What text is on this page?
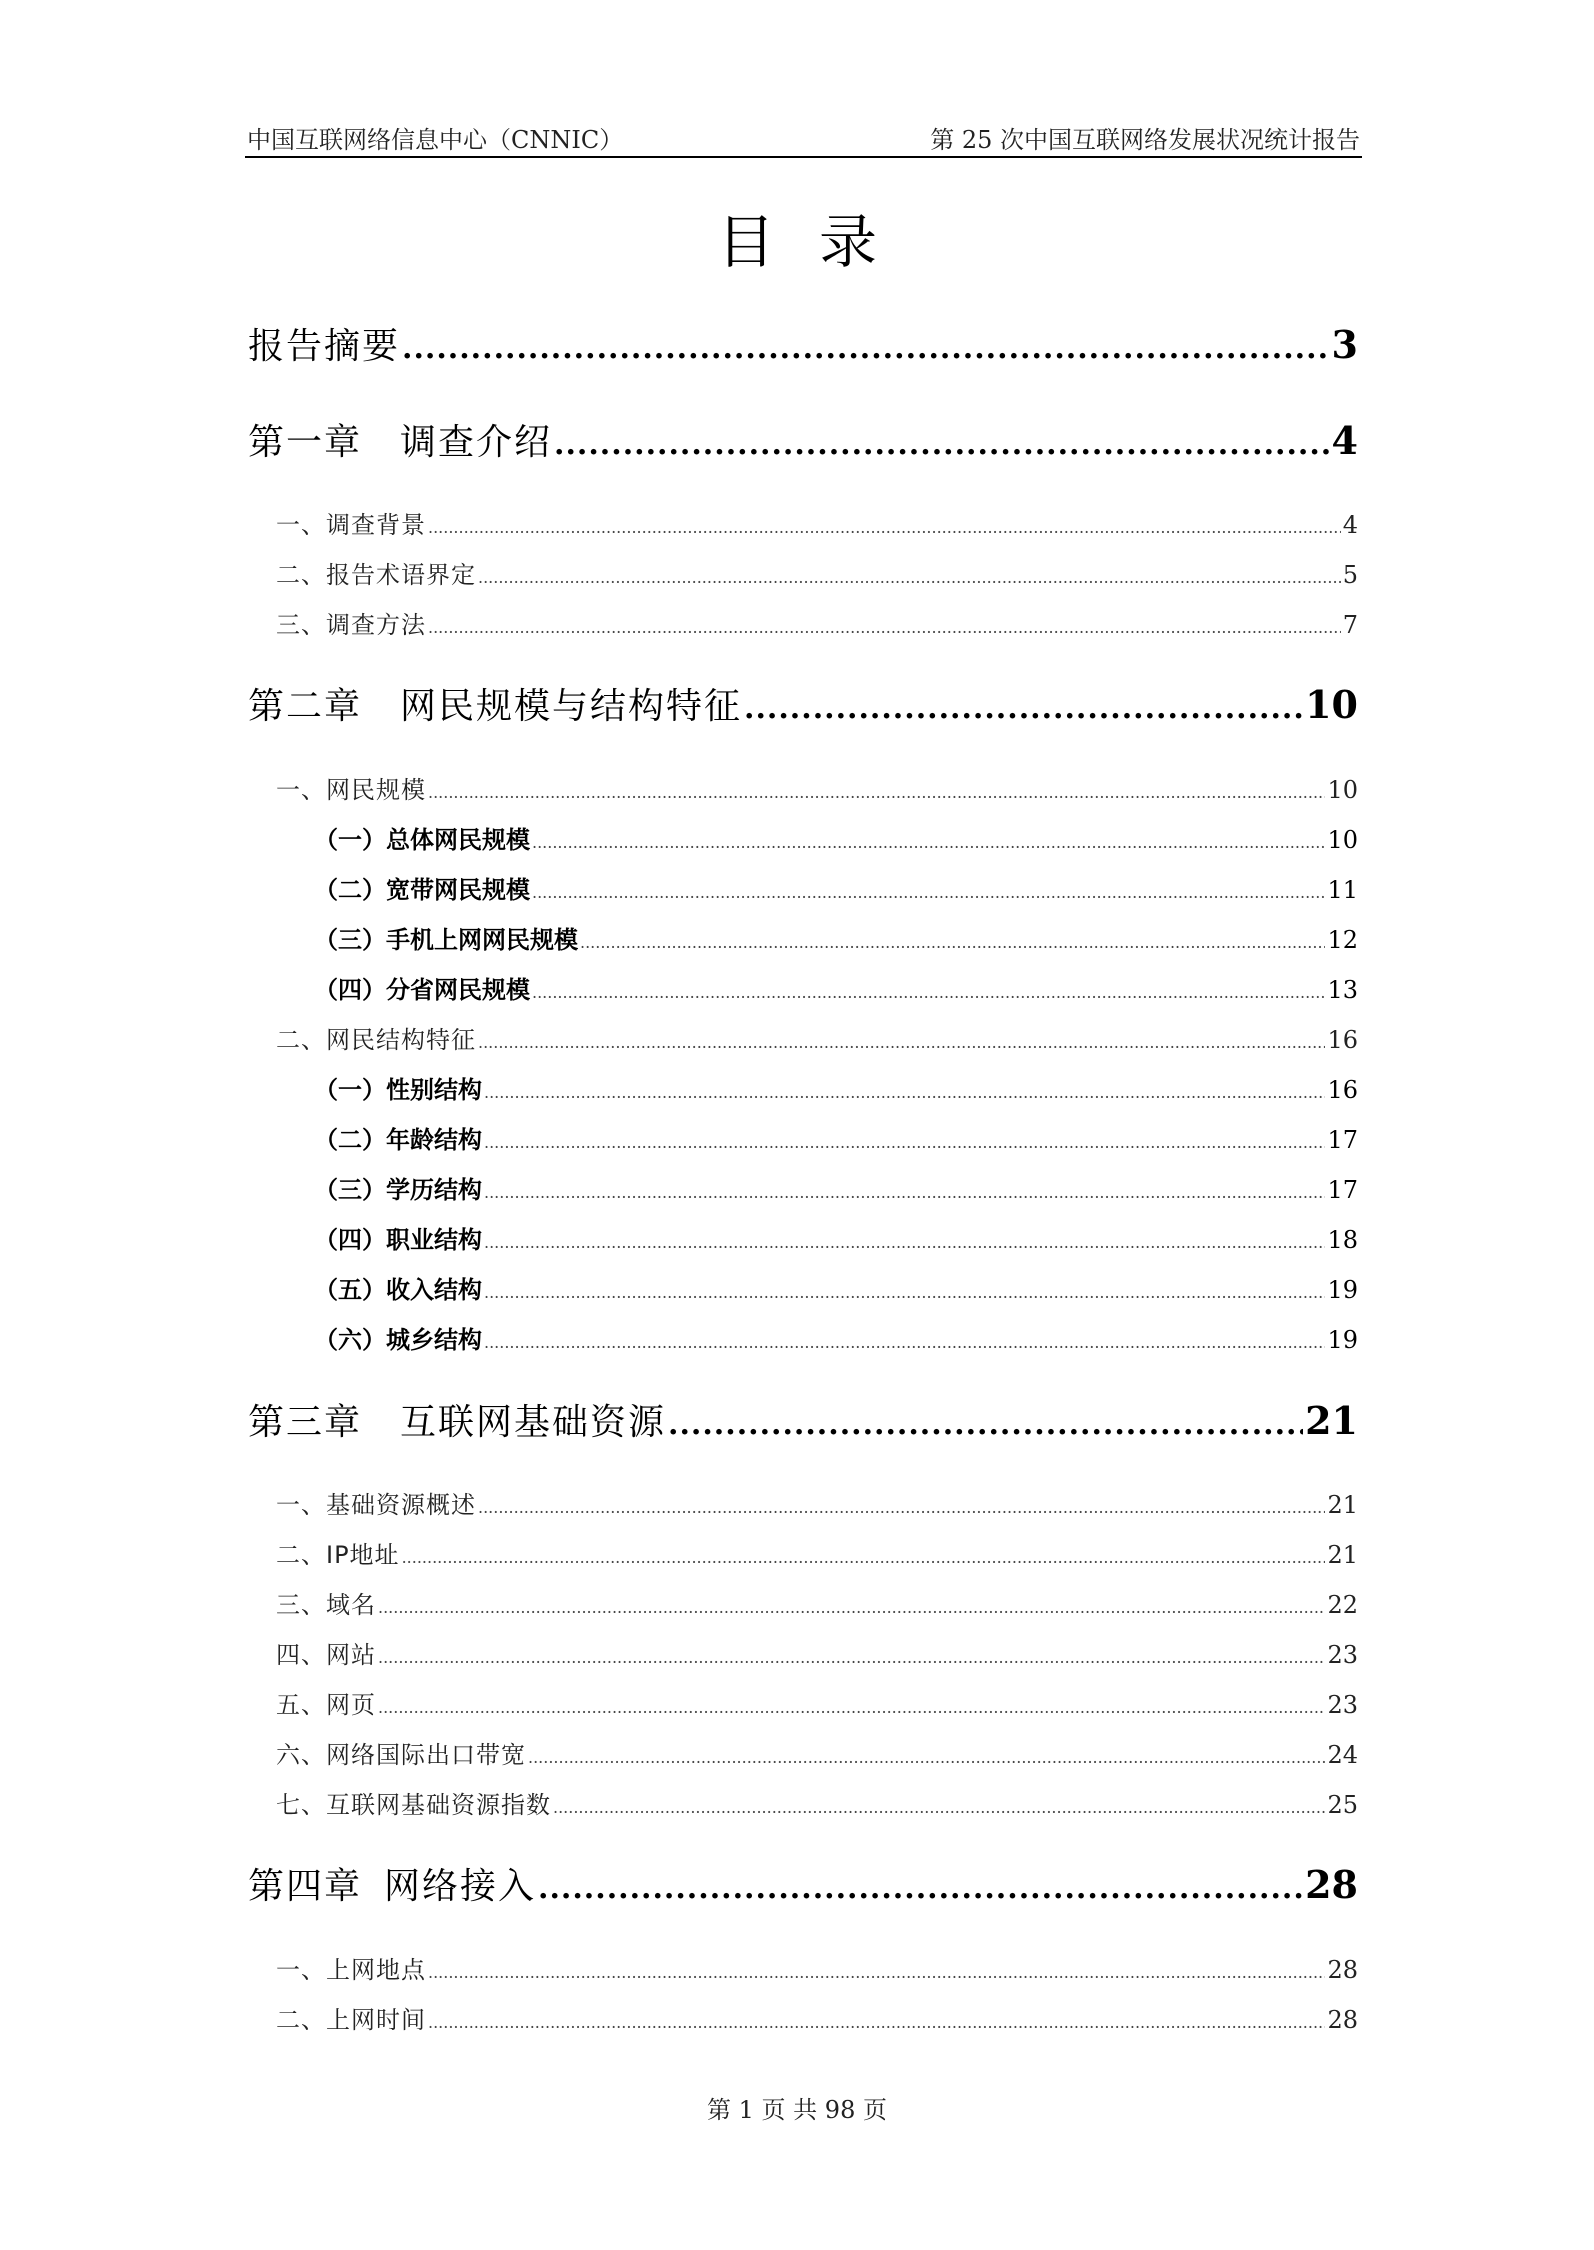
中国互联网络信息中心（CNNIC）	第 25 次中国互联网络发展状况统计报告
目录
报告摘要 .....	3
第一章 调查介绍 .....	4
一、调查背景 .....	4
二、报告术语界定 .....	5
三、调查方法 .....	7
第二章 网民规模与结构特征 .....	10
一、网民规模 .....	10
（一）总体网民规模 .....	10
（二）宽带网民规模 .....	11
（三）手机上网网民规模 .....	12
（四）分省网民规模 .....	13
二、网民结构特征 .....	16
（一）性别结构 .....	16
（二）年龄结构 .....	17
（三）学历结构 .....	17
（四）职业结构 .....	18
（五）收入结构 .....	19
（六）城乡结构 .....	19
第三章 互联网基础资源 .....	21
一、基础资源概述 .....	21
二、IP地址 .....	21
三、域名 .....	22
四、网站 .....	23
五、网页 .....	23
六、网络国际出口带宽 .....	24
七、互联网基础资源指数 .....	25
第四章 网络接入 .....	28
一、上网地点 .....	28
二、上网时间 .....	28
第 1 页 共 98 页
